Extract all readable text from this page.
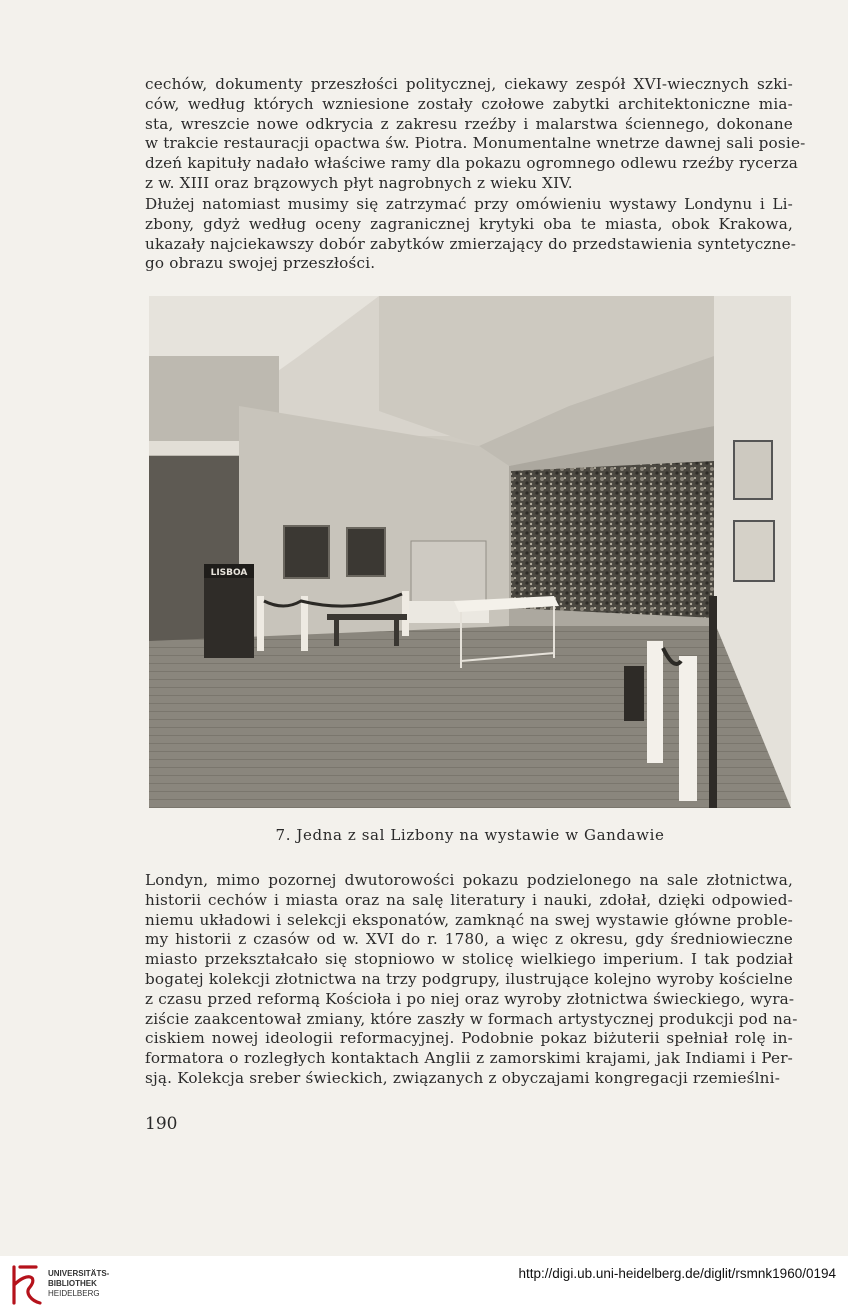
cechów, dokumenty przeszłości politycznej, ciekawy zespół XVI-wiecznych szki-
ców, według których wzniesione zostały czołowe zabytki architektoniczne mia-
sta, wreszcie nowe odkrycia z zakresu rzeźby i malarstwa ściennego, dokonane
w trakcie restauracji opactwa św. Piotra. Monumentalne wnetrze dawnej sali posie-
dzeń kapituły nadało właściwe ramy dla pokazu ogromnego odlewu rzeźby rycerza
z w. XIII oraz brązowych płyt nagrobnych z wieku XIV.
Dłużej natomiast musimy się zatrzymać przy omówieniu wystawy Londynu i Li-
zbony, gdyż według oceny zagranicznej krytyki oba te miasta, obok Krakowa,
ukazały najciekawszy dobór zabytków zmierzający do przedstawienia syntetyczne-
go obrazu swojej przeszłości.
LISBOA
7. Jedna z sal Lizbony na wystawie w Gandawie
Londyn, mimo pozornej dwutorowości pokazu podzielonego na sale złotnictwa,
historii cechów i miasta oraz na salę literatury i nauki, zdołał, dzięki odpowied-
niemu układowi i selekcji eksponatów, zamknąć na swej wystawie główne proble-
my historii z czasów od w. XVI do r. 1780, a więc z okresu, gdy średniowieczne
miasto przekształcało się stopniowo w stolicę wielkiego imperium. I tak podział
bogatej kolekcji złotnictwa na trzy podgrupy, ilustrujące kolejno wyroby kościelne
z czasu przed reformą Kościoła i po niej oraz wyroby złotnictwa świeckiego, wyra-
ziście zaakcentował zmiany, które zaszły w formach artystycznej produkcji pod na-
ciskiem nowej ideologii reformacyjnej. Podobnie pokaz biżuterii spełniał rolę in-
formatora o rozległych kontaktach Anglii z zamorskimi krajami, jak Indiami i Per-
sją. Kolekcja sreber świeckich, związanych z obyczajami kongregacji rzemieślni-
190
UNIVERSITÄTS-
BIBLIOTHEK
HEIDELBERG
http://digi.ub.uni-heidelberg.de/diglit/rsmnk1960/0194
